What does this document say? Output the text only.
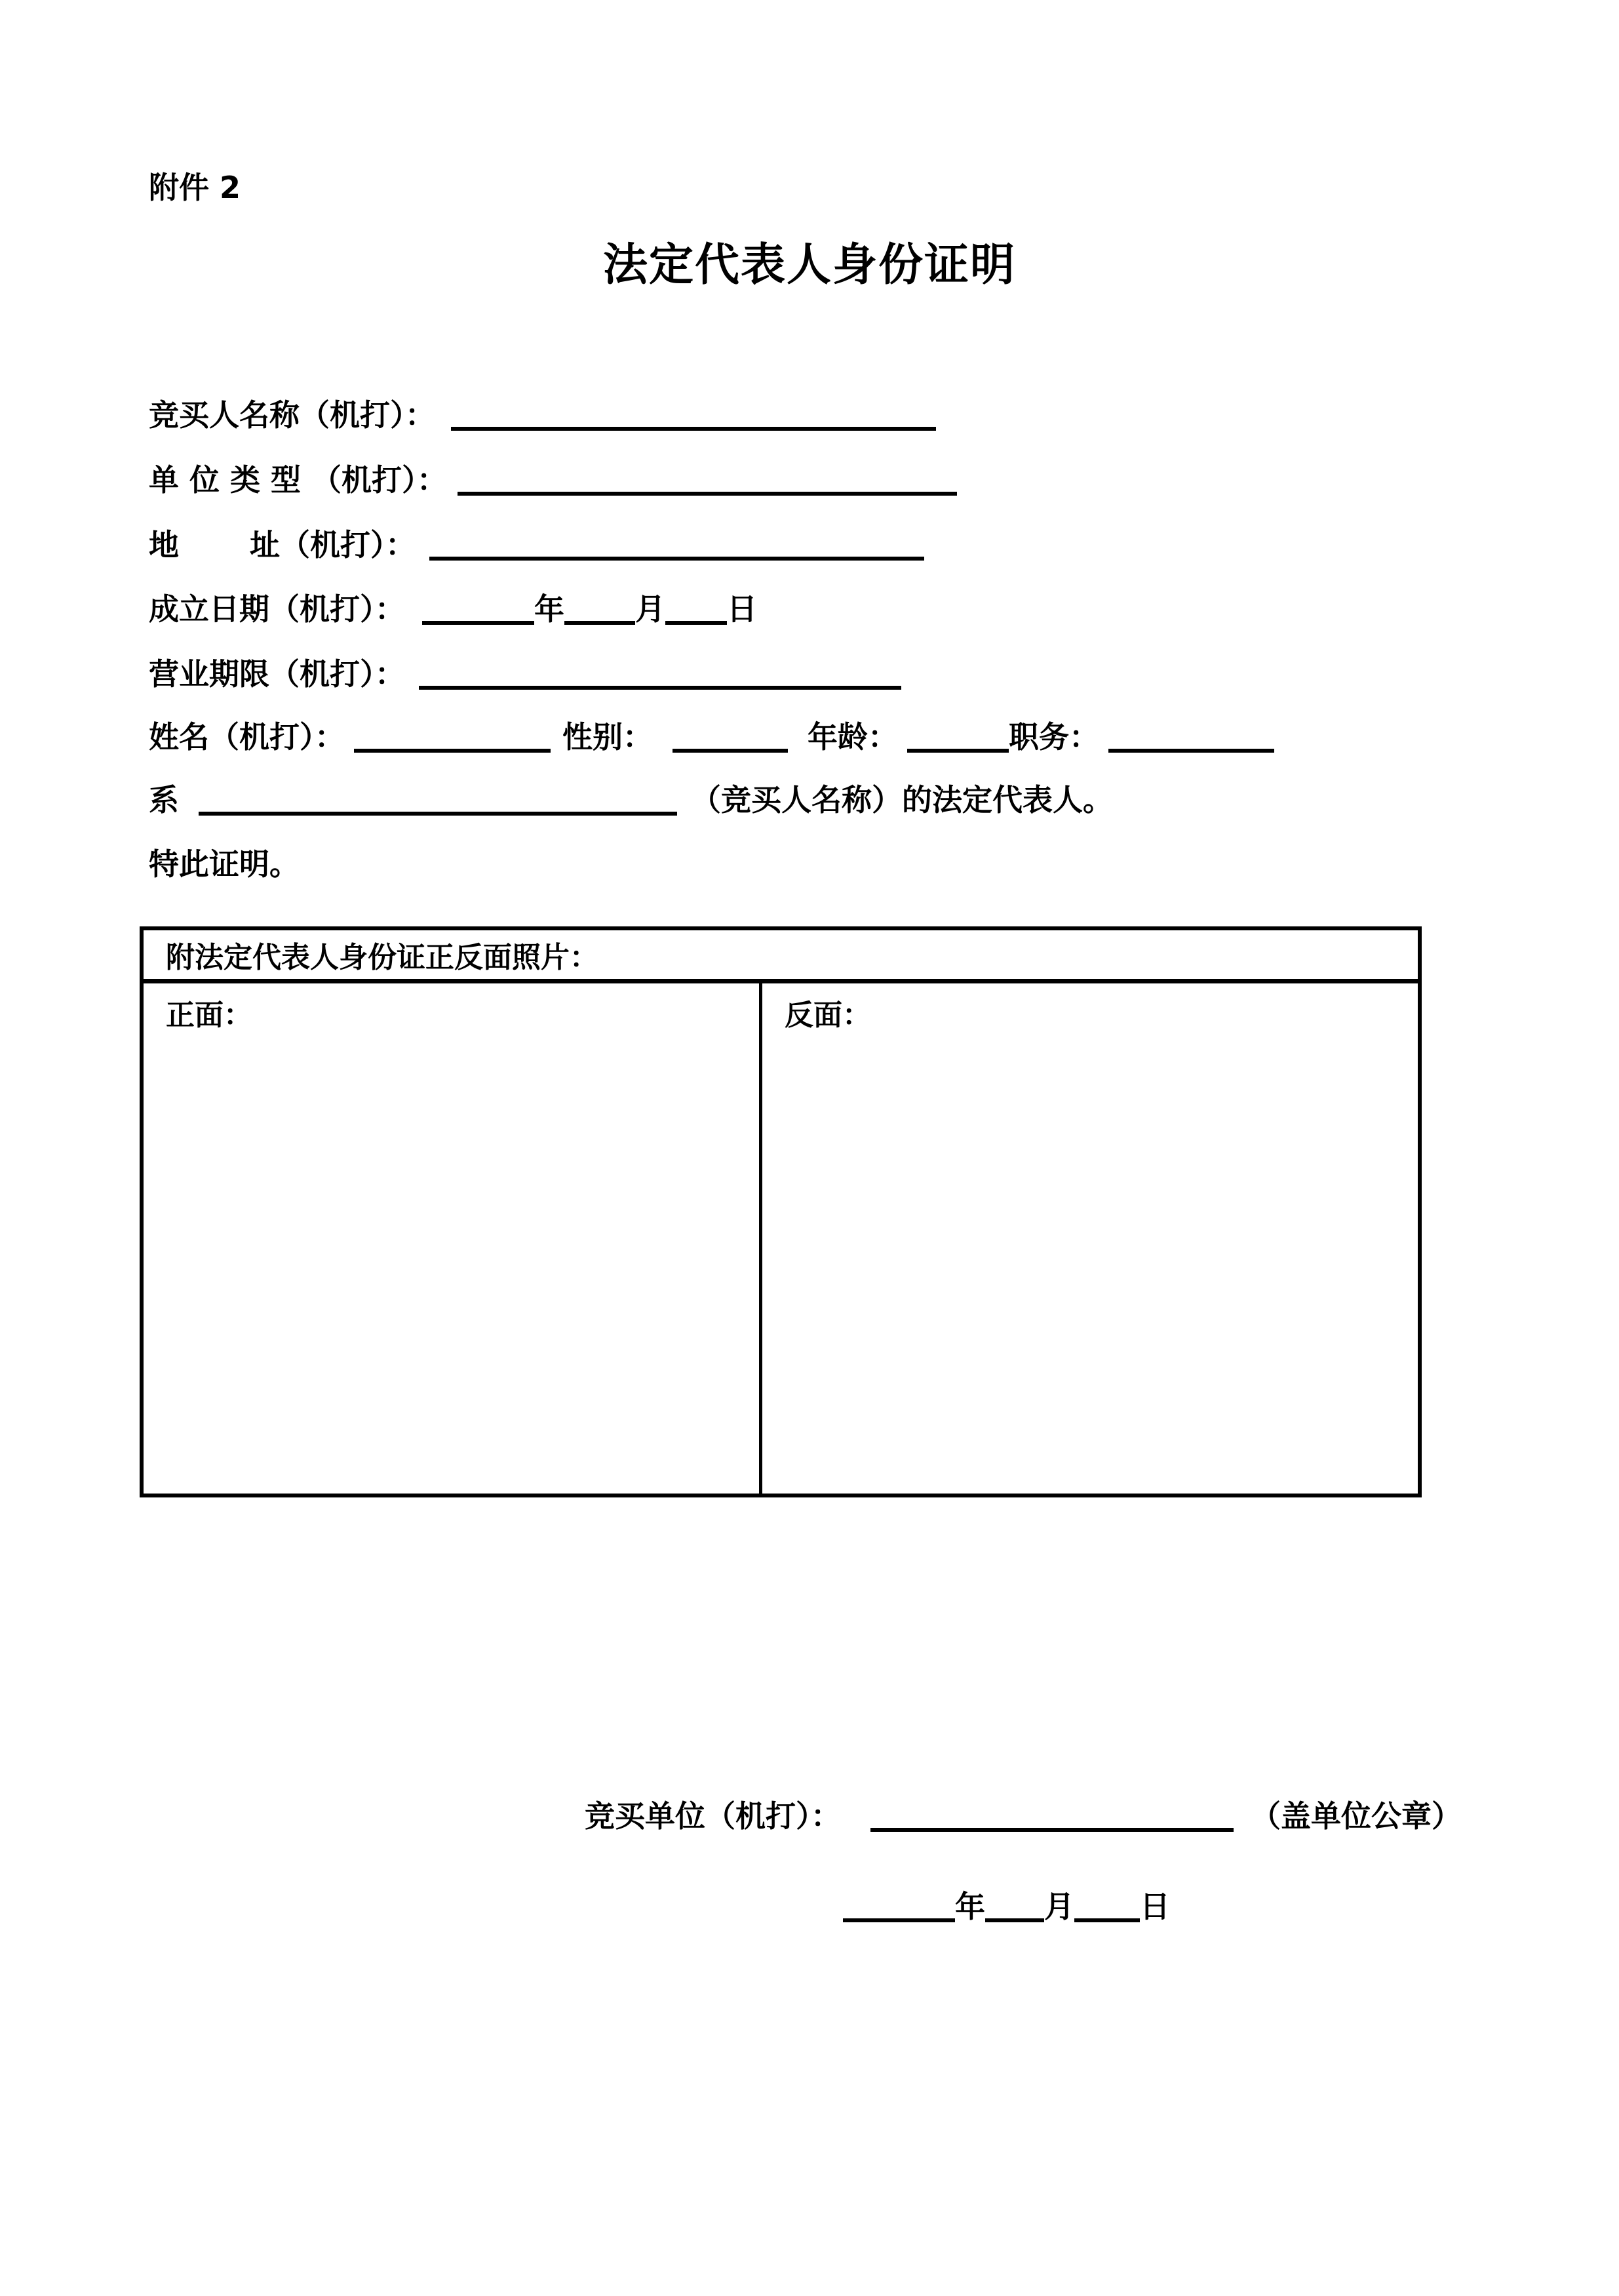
附件 2
法定代表人身份证明
竞买人名称（机打）：
单 位 类 型 （机打）：
地　　 址（机打）：
成立日期（机打）：	年 月 日
营业期限（机打）：
姓名（机打）：	性别：	年龄：	职务：
系	（竞买人名称）的法定代表人。
特此证明。
附法定代表人身份证正反面照片：
正面：	反面：
竞买单位（机打）：	（盖单位公章）
年 月 日
